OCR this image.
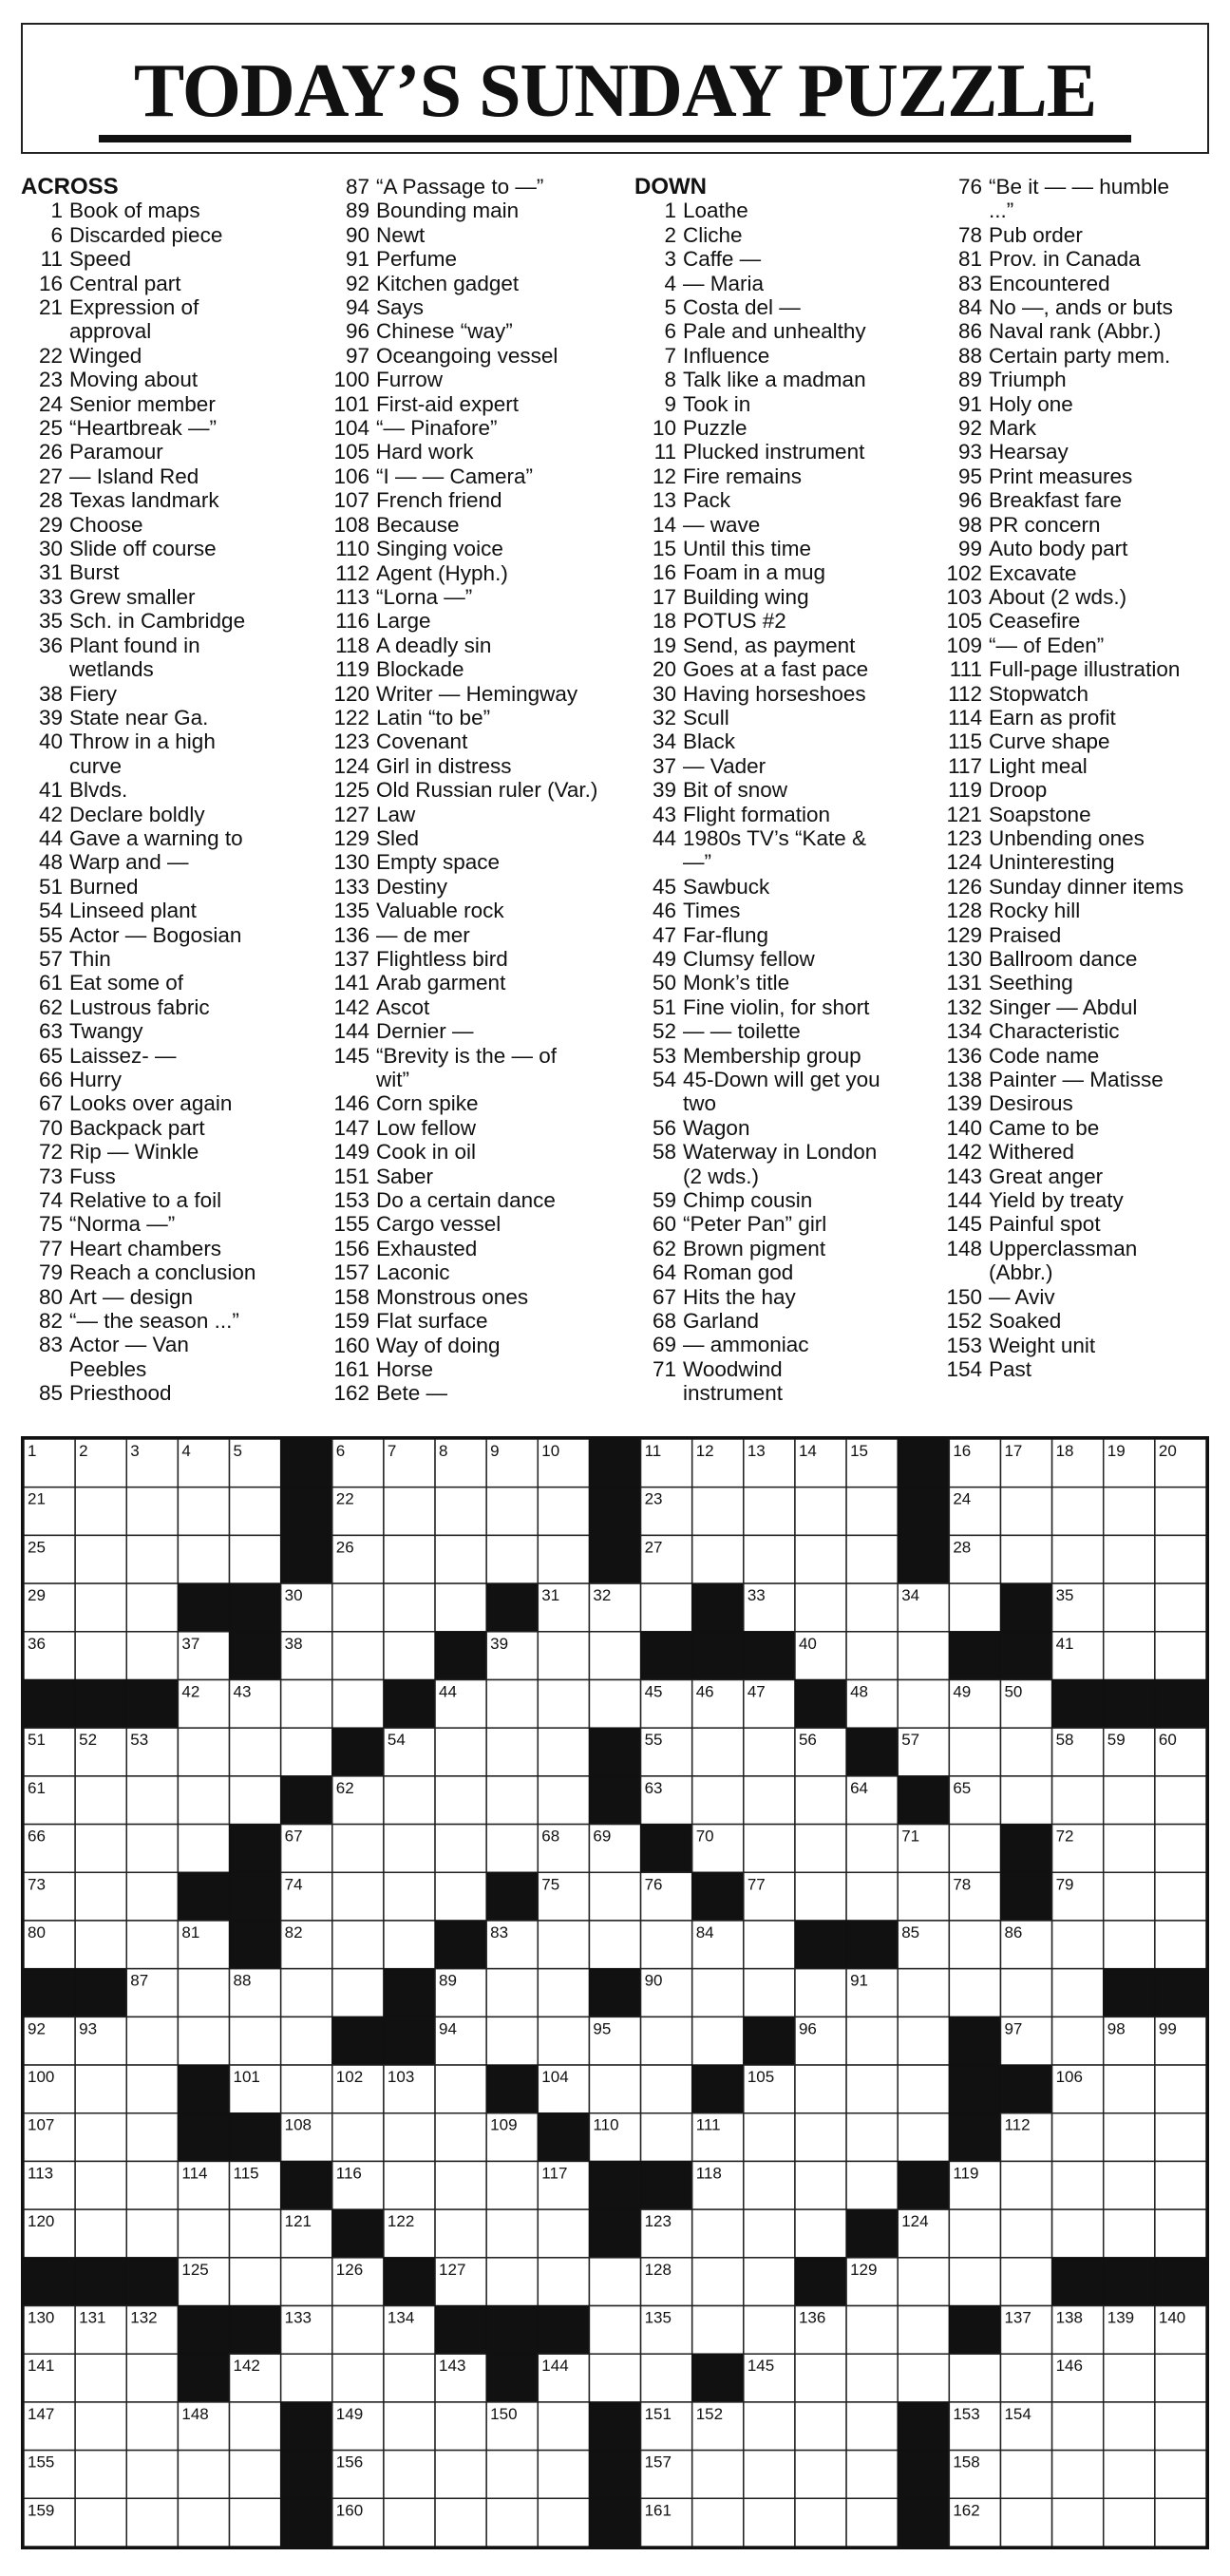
TODAY’S SUNDAY PUZZLE
ACROSS
1 Book of maps
6 Discarded piece
11 Speed
16 Central part
21 Expression of
approval
22 Winged
23 Moving about
24 Senior member
25 “Heartbreak —”
26 Paramour
27 — Island Red
28 Texas landmark
29 Choose
30 Slide off course
31 Burst
33 Grew smaller
35 Sch. in Cambridge
36 Plant found in
wetlands
38 Fiery
39 State near Ga.
40 Throw in a high
curve
41 Blvds.
42 Declare boldly
44 Gave a warning to
48 Warp and —
51 Burned
54 Linseed plant
55 Actor — Bogosian
57 Thin
61 Eat some of
62 Lustrous fabric
63 Twangy
65 Laissez- —
66 Hurry
67 Looks over again
70 Backpack part
72 Rip — Winkle
73 Fuss
74 Relative to a foil
75 “Norma —”
77 Heart chambers
79 Reach a conclusion
80 Art — design
82 “— the season ...”
83 Actor — Van
Peebles
85 Priesthood
87 “A Passage to —”
89 Bounding main
90 Newt
91 Perfume
92 Kitchen gadget
94 Says
96 Chinese “way”
97 Oceangoing vessel
100 Furrow
101 First-aid expert
104 “— Pinafore”
105 Hard work
106 “I — — Camera”
107 French friend
108 Because
110 Singing voice
112 Agent (Hyph.)
113 “Lorna —”
116 Large
118 A deadly sin
119 Blockade
120 Writer — Hemingway
122 Latin “to be”
123 Covenant
124 Girl in distress
125 Old Russian ruler (Var.)
127 Law
129 Sled
130 Empty space
133 Destiny
135 Valuable rock
136 — de mer
137 Flightless bird
141 Arab garment
142 Ascot
144 Dernier —
145 “Brevity is the — of
wit”
146 Corn spike
147 Low fellow
149 Cook in oil
151 Saber
153 Do a certain dance
155 Cargo vessel
156 Exhausted
157 Laconic
158 Monstrous ones
159 Flat surface
160 Way of doing
161 Horse
162 Bete —
DOWN
1 Loathe
2 Cliche
3 Caffe —
4 — Maria
5 Costa del —
6 Pale and unhealthy
7 Influence
8 Talk like a madman
9 Took in
10 Puzzle
11 Plucked instrument
12 Fire remains
13 Pack
14 — wave
15 Until this time
16 Foam in a mug
17 Building wing
18 POTUS #2
19 Send, as payment
20 Goes at a fast pace
30 Having horseshoes
32 Scull
34 Black
37 — Vader
39 Bit of snow
43 Flight formation
44 1980s TV’s “Kate &
—”
45 Sawbuck
46 Times
47 Far-flung
49 Clumsy fellow
50 Monk’s title
51 Fine violin, for short
52 — — toilette
53 Membership group
54 45-Down will get you
two
56 Wagon
58 Waterway in London
(2 wds.)
59 Chimp cousin
60 “Peter Pan” girl
62 Brown pigment
64 Roman god
67 Hits the hay
68 Garland
69 — ammoniac
71 Woodwind
instrument
76 “Be it — — humble
...”
78 Pub order
81 Prov. in Canada
83 Encountered
84 No —, ands or buts
86 Naval rank (Abbr.)
88 Certain party mem.
89 Triumph
91 Holy one
92 Mark
93 Hearsay
95 Print measures
96 Breakfast fare
98 PR concern
99 Auto body part
102 Excavate
103 About (2 wds.)
105 Ceasefire
109 “— of Eden”
111 Full-page illustration
112 Stopwatch
114 Earn as profit
115 Curve shape
117 Light meal
119 Droop
121 Soapstone
123 Unbending ones
124 Uninteresting
126 Sunday dinner items
128 Rocky hill
129 Praised
130 Ballroom dance
131 Seething
132 Singer — Abdul
134 Characteristic
136 Code name
138 Painter — Matisse
139 Desirous
140 Came to be
142 Withered
143 Great anger
144 Yield by treaty
145 Painful spot
148 Upperclassman
(Abbr.)
150 — Aviv
152 Soaked
153 Weight unit
154 Past
1	2	3	4	5	6	7	8	9	10	11 12 13 14 15	16 17 18 19 20
21	22	23	24
25	26	27	28
29	30	31 32	33	34	35
36	37	38	39	40	41
42 43	44	45 46 47	48	49 50
51 52 53	54	55	56	57	58 59 60
61	62	63	64	65
66	67	68 69	70	71	72
73	74	75	76	77	78	79
80	81	82	83	84	85	86
87	88	89	90	91
92 93	94	95	96	97	98 99
100	101	102 103	104	105	106
107	108	109	110	111	112
113	114 115	116	117	118	119
120	121	122	123	124
125	126	127	128	129
130 131 132	133	134	135	136	137 138 139 140
141	142	143	144	145	146
147	148	149	150	151 152	153 154
155	156	157	158
159	160	161	162
